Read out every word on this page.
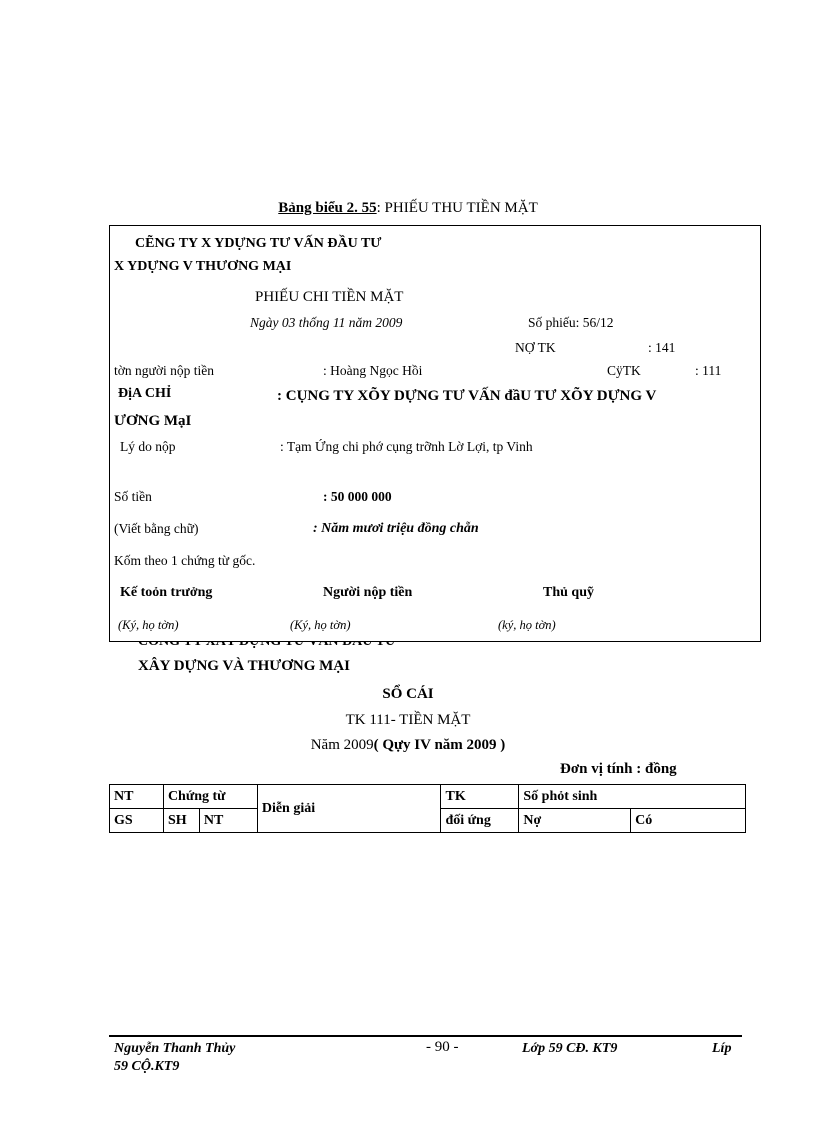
Bảng biểu 2. 55: PHIẾU THU TIỀN MẶT
CẼNG TY X YDỰNG TƯ VẤN ĐẦU TƯ
X YDỰNG V THƯƠNG MẠI
PHIẾU CHI TIỀN MẶT
Ngày 03 thống 11 năm 2009	Số phiếu: 56/12
NỢ TK	: 141
tờn người nộp tiền	: Hoàng Ngọc Hồi	CÿTK	: 111
ĐịA CHỈ	: CỤNG TY XÕY DỰNG TƯ VẤN đầU TƯ XÕY DỰNG V
ƯƠNG MạI
Lý do nộp	: Tạm Ứng chi phớ cụng trỡnh Lờ Lợi, tp Vinh
Số tiền	: 50 000 000
(Viết bằng chữ)	: Năm mươi triệu đồng chẵn
Kốm theo 1 chứng từ gốc.
Kế toỏn trưởng	Người nộp tiền	Thủ quỹ
(Ký, họ tờn)	(Ký, họ tờn)	(ký, họ tờn)
XÂY DỰNG VÀ THƯƠNG MẠI
SỔ CÁI
TK 111- TIỀN MẶT
Năm 2009( Qựy IV năm 2009 )
Đơn vị tính : đồng
NT	Chứng từ		Diễn giải	TK	Số phỏt sinh	
GS	SH	NT		đối ứng	Nợ	Có
Nguyễn Thanh Thủy
59 CỘ.KT9
- 90 -	Lớp 59 CĐ. KT9	Líp
